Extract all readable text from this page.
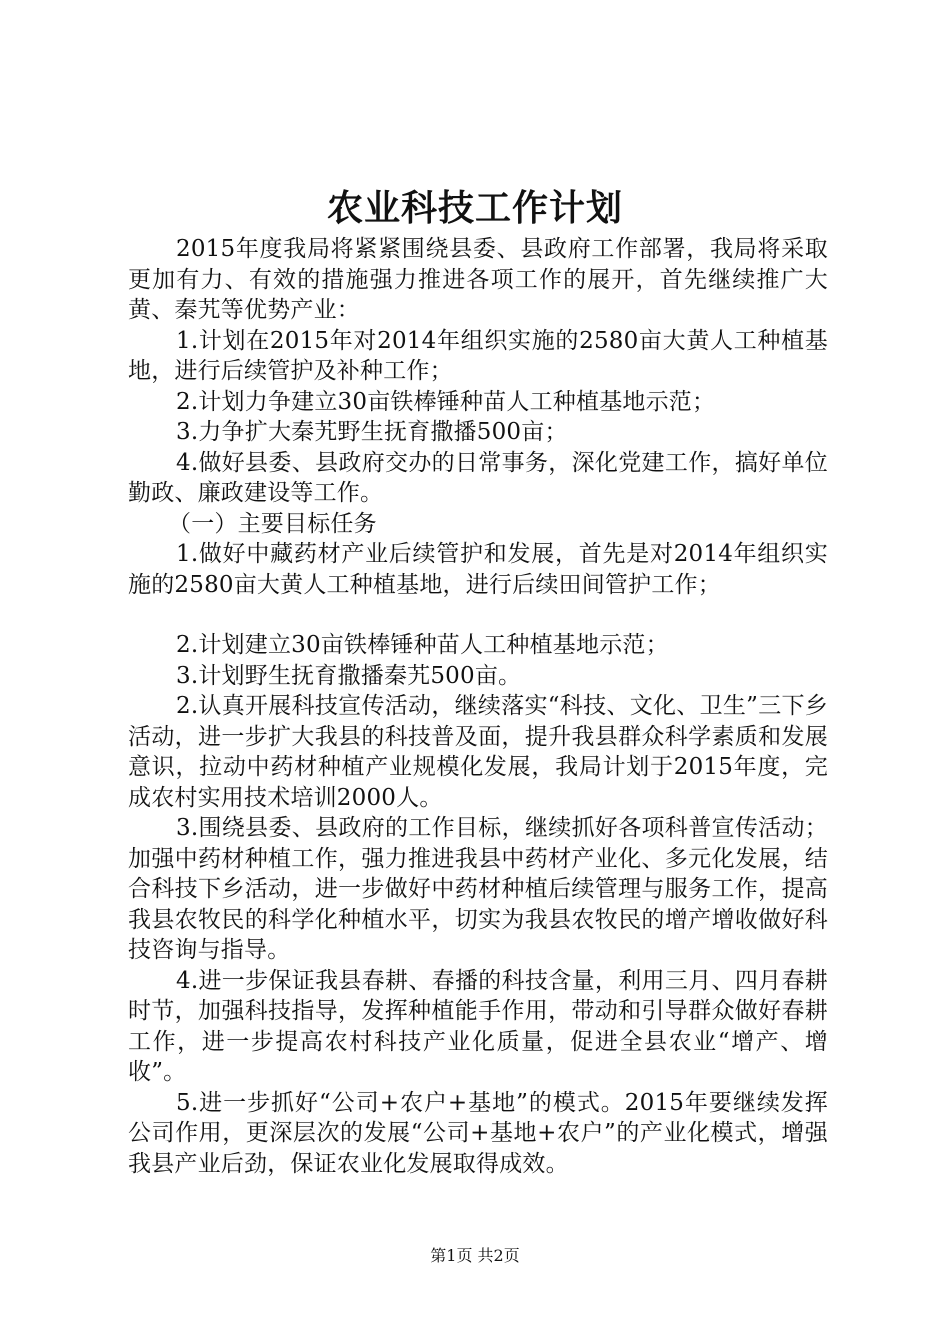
农业科技工作计划

2015年度我局将紧紧围绕县委、县政府工作部署，我局将采取更加有力、有效的措施强力推进各项工作的展开，首先继续推广大黄、秦艽等优势产业：

1.计划在2015年对2014年组织实施的2580亩大黄人工种植基地，进行后续管护及补种工作；

2.计划力争建立30亩铁棒锤种苗人工种植基地示范；

3.力争扩大秦艽野生抚育撒播500亩；

4.做好县委、县政府交办的日常事务，深化党建工作，搞好单位勤政、廉政建设等工作。

（一）主要目标任务

1.做好中藏药材产业后续管护和发展，首先是对2014年组织实施的2580亩大黄人工种植基地，进行后续田间管护工作；

2.计划建立30亩铁棒锤种苗人工种植基地示范；

3.计划野生抚育撒播秦艽500亩。

2.认真开展科技宣传活动，继续落实“科技、文化、卫生”三下乡活动，进一步扩大我县的科技普及面，提升我县群众科学素质和发展意识，拉动中药材种植产业规模化发展，我局计划于2015年度，完成农村实用技术培训2000人。

3.围绕县委、县政府的工作目标，继续抓好各项科普宣传活动；加强中药材种植工作，强力推进我县中药材产业化、多元化发展，结合科技下乡活动，进一步做好中药材种植后续管理与服务工作，提高我县农牧民的科学化种植水平，切实为我县农牧民的增产增收做好科技咨询与指导。

4.进一步保证我县春耕、春播的科技含量，利用三月、四月春耕时节，加强科技指导，发挥种植能手作用，带动和引导群众做好春耕工作，进一步提高农村科技产业化质量，促进全县农业“增产、增收”。

5.进一步抓好“公司+农户+基地”的模式。2015年要继续发挥公司作用，更深层次的发展“公司+基地+农户”的产业化模式，增强我县产业后劲，保证农业化发展取得成效。

第1页 共2页
